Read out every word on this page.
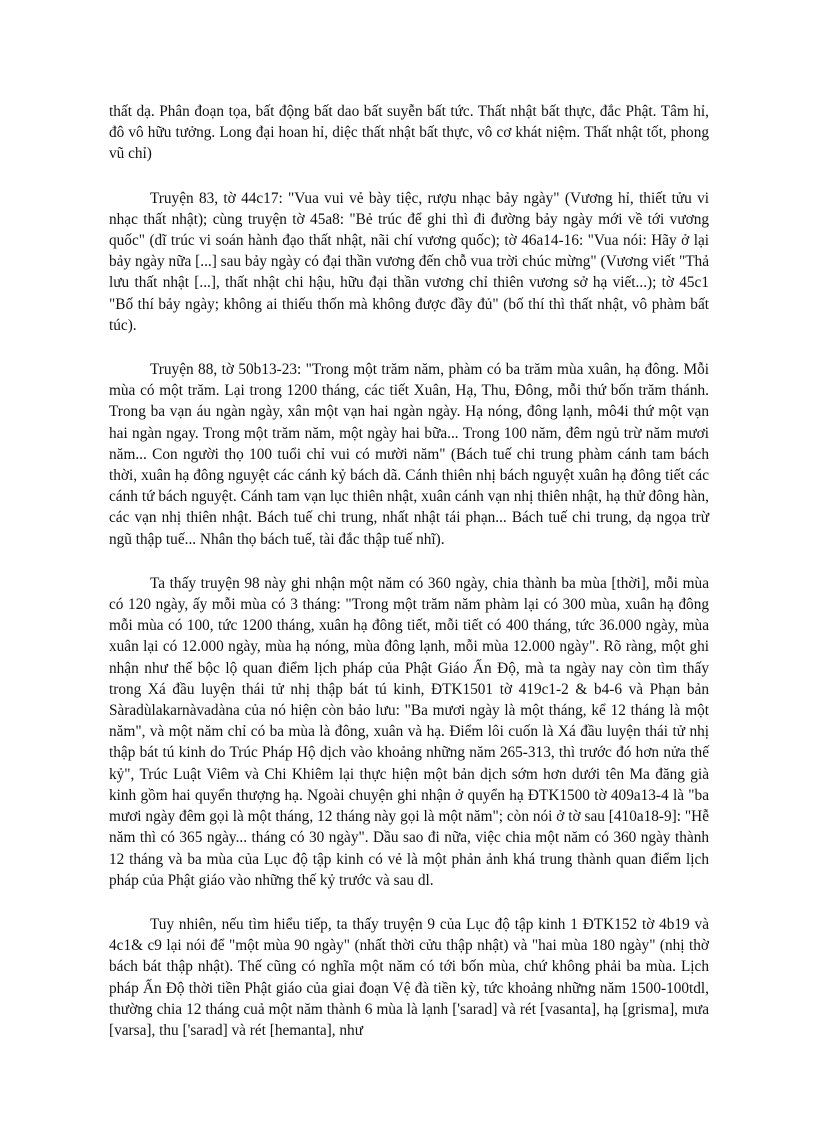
thất dạ. Phân đoạn tọa, bất động bất dao bất suyễn bất tức. Thất nhật bất thực, đắc Phật. Tâm hỉ, đô vô hữu tưởng. Long đại hoan hỉ, diệc thất nhật bất thực, vô cơ khát niệm. Thất nhật tốt, phong vũ chỉ)

Truyện 83, tờ 44c17: "Vua vui vẻ bày tiệc, rượu nhạc bảy ngày" (Vương hỉ, thiết tửu vi nhạc thất nhật); cùng truyện tờ 45a8: "Bẻ trúc để ghi thì đi đường bảy ngày mới về tới vương quốc" (dĩ trúc vi soán hành đạo thất nhật, nãi chí vương quốc); tờ 46a14-16: "Vua nói: Hãy ở lại bảy ngày nữa [...] sau bảy ngày có đại thần vương đến chỗ vua trời chúc mừng" (Vương viết "Thả lưu thất nhật [...], thất nhật chi hậu, hữu đại thần vương chỉ thiên vương sở hạ viết...); tờ 45c1 "Bố thí bảy ngày; không ai thiếu thốn mà không được đầy đủ" (bố thí thì thất nhật, vô phàm bất túc).

Truyện 88, tờ 50b13-23: "Trong một trăm năm, phàm có ba trăm mùa xuân, hạ đông. Mỗi mùa có một trăm. Lại trong 1200 tháng, các tiết Xuân, Hạ, Thu, Đông, mỗi thứ bốn trăm thánh. Trong ba vạn áu ngàn ngày, xân một vạn hai ngàn ngày. Hạ nóng, đông lạnh, mô4i thứ một vạn hai ngàn ngay. Trong một trăm năm, một ngày hai bữa... Trong 100 năm, đêm ngủ trừ năm mươi năm... Con người thọ 100 tuổi chỉ vui có mười năm" (Bách tuế chi trung phàm cánh tam bách thời, xuân hạ đông nguyệt các cánh kỷ bách dã. Cánh thiên nhị bách nguyệt xuân hạ đông tiết các cánh tứ bách nguyệt. Cánh tam vạn lục thiên nhật, xuân cánh vạn nhị thiên nhật, hạ thử đông hàn, các vạn nhị thiên nhật. Bách tuế chi trung, nhất nhật tái phạn... Bách tuế chi trung, dạ ngọa trừ ngũ thập tuế... Nhân thọ bách tuế, tài đắc thập tuế nhĩ).

Ta thấy truyện 98 này ghi nhận một năm có 360 ngày, chia thành ba mùa [thời], mỗi mùa có 120 ngày, ấy mỗi mùa có 3 tháng: "Trong một trăm năm phàm lại có 300 mùa, xuân hạ đông mỗi mùa có 100, tức 1200 tháng, xuân hạ đông tiết, mỗi tiết có 400 tháng, tức 36.000 ngày, mùa xuân lại có 12.000 ngày, mùa hạ nóng, mùa đông lạnh, mỗi mùa 12.000 ngày". Rõ ràng, một ghi nhận như thế bộc lộ quan điểm lịch pháp của Phật Giáo Ấn Độ, mà ta ngày nay còn tìm thấy trong Xá đầu luyện thái tử nhị thập bát tú kinh, ĐTK1501 tờ 419c1-2 & b4-6 và Phạn bản Sàradùlakarnàvadàna của nó hiện còn bảo lưu: "Ba mươi ngày là một tháng, kể 12 tháng là một năm", và một năm chỉ có ba mùa là đông, xuân và hạ. Điểm lôi cuốn là Xá đầu luyện thái tử nhị thập bát tú kinh do Trúc Pháp Hộ dịch vào khoảng những năm 265-313, thì trước đó hơn nửa thế kỷ", Trúc Luật Viêm và Chi Khiêm lại thực hiện một bản dịch sớm hơn dưới tên Ma đăng già kinh gồm hai quyển thượng hạ. Ngoài chuyện ghi nhận ở quyển hạ ĐTK1500 tờ 409a13-4 là "ba mươi ngày đêm gọi là một tháng, 12 tháng này gọi là một năm"; còn nói ở tờ sau [410a18-9]: "Hễ năm thì có 365 ngày... tháng có 30 ngày". Dầu sao đi nữa, việc chia một năm có 360 ngày thành 12 tháng và ba mùa của Lục độ tập kinh có vẻ là một phản ảnh khá trung thành quan điểm lịch pháp của Phật giáo vào những thế kỷ trước và sau dl.

Tuy nhiên, nếu tìm hiểu tiếp, ta thấy truyện 9 của Lục độ tập kinh 1 ĐTK152 tờ 4b19 và 4c1& c9 lại nói để "một mùa 90 ngày" (nhất thời cửu thập nhật) và "hai mùa 180 ngày" (nhị thờ bách bát thập nhật). Thế cũng có nghĩa một năm có tới bốn mùa, chứ không phải ba mùa. Lịch pháp Ấn Độ thời tiền Phật giáo của giai đoạn Vệ đà tiền kỳ, tức khoảng những năm 1500-100tdl, thường chia 12 tháng cuả một năm thành 6 mùa là lạnh ['sarad] và rét [vasanta], hạ [grisma], mưa [varsa], thu ['sarad] và rét [hemanta], như
